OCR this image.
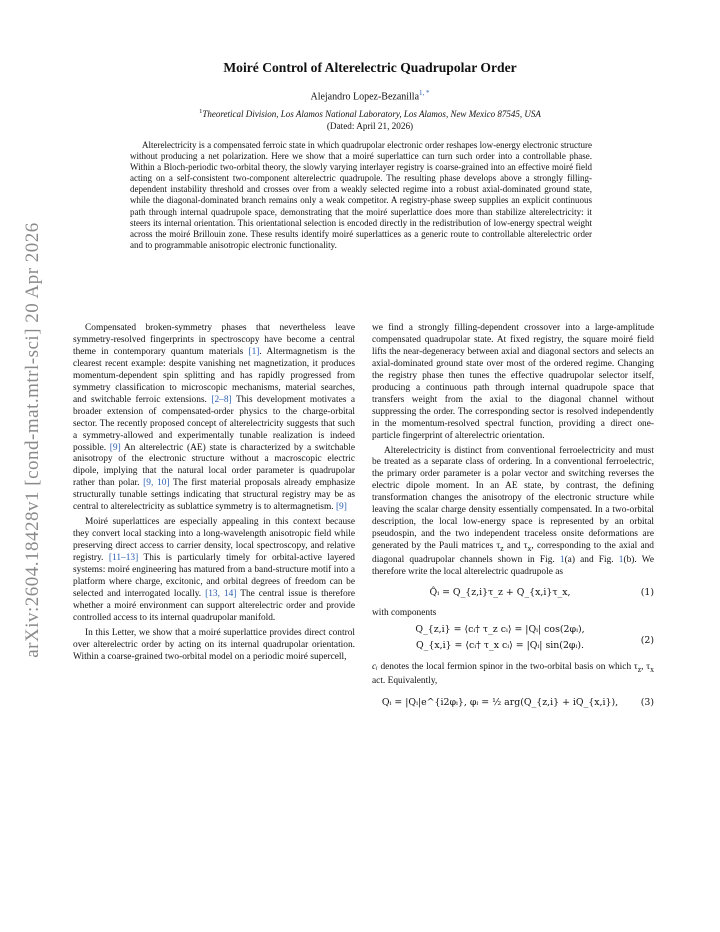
arXiv:2604.18428v1 [cond-mat.mtrl-sci] 20 Apr 2026
Moiré Control of Alterelectric Quadrupolar Order
Alejandro Lopez-Bezanilla$^{1, *}$
$^1$Theoretical Division, Los Alamos National Laboratory, Los Alamos, New Mexico 87545, USA
(Dated: April 21, 2026)

Alterelectricity is a compensated ferroic state in which quadrupolar electronic order reshapes low-energy electronic structure without producing a net polarization. Here we show that a moiré superlattice can turn such order into a controllable phase. Within a Bloch-periodic two-orbital theory, the slowly varying interlayer registry is coarse-grained into an effective moiré field acting on a self-consistent two-component alterelectric quadrupole. The resulting phase develops above a strongly filling-dependent instability threshold and crosses over from a weakly selected regime into a robust axial-dominated ground state, while the diagonal-dominated branch remains only a weak competitor. A registry-phase sweep supplies an explicit continuous path through internal quadrupole space, demonstrating that the moiré superlattice does more than stabilize alterelectricity: it steers its internal orientation. This orientational selection is encoded directly in the redistribution of low-energy spectral weight across the moiré Brillouin zone. These results identify moiré superlattices as a generic route to controllable alterelectric order and to programmable anisotropic electronic functionality.

Compensated broken-symmetry phases that nevertheless leave symmetry-resolved fingerprints in spectroscopy have become a central theme in contemporary quantum materials [1]. Altermagnetism is the clearest recent example: despite vanishing net magnetization, it produces momentum-dependent spin splitting and has rapidly progressed from symmetry classification to microscopic mechanisms, material searches, and switchable ferroic extensions. [2–8] This development motivates a broader extension of compensated-order physics to the charge-orbital sector. The recently proposed concept of alterelectricity suggests that such a symmetry-allowed and experimentally tunable realization is indeed possible. [9] An alterelectric (AE) state is characterized by a switchable anisotropy of the electronic structure without a macroscopic electric dipole, implying that the natural local order parameter is quadrupolar rather than polar. [9, 10] The first material proposals already emphasize structurally tunable settings indicating that structural registry may be as central to alterelectricity as sublattice symmetry is to altermagnetism. [9]

Moiré superlattices are especially appealing in this context because they convert local stacking into a long-wavelength anisotropic field while preserving direct access to carrier density, local spectroscopy, and relative registry. [11–13] This is particularly timely for orbital-active layered systems: moiré engineering has matured from a band-structure motif into a platform where charge, excitonic, and orbital degrees of freedom can be selected and interrogated locally. [13, 14] The central issue is therefore whether a moiré environment can support alterelectric order and provide controlled access to its internal quadrupolar manifold.

In this Letter, we show that a moiré superlattice provides direct control over alterelectric order by acting on its internal quadrupolar orientation. Within a coarse-grained two-orbital model on a periodic moiré supercell,

we find a strongly filling-dependent crossover into a large-amplitude compensated quadrupolar state. At fixed registry, the square moiré field lifts the near-degeneracy between axial and diagonal sectors and selects an axial-dominated ground state over most of the ordered regime. Changing the registry phase then tunes the effective quadrupolar selector itself, producing a continuous path through internal quadrupole space that transfers weight from the axial to the diagonal channel without suppressing the order. The corresponding sector is resolved independently in the momentum-resolved spectral function, providing a direct one-particle fingerprint of alterelectric orientation.

Alterelectricity is distinct from conventional ferroelectricity and must be treated as a separate class of ordering. In a conventional ferroelectric, the primary order parameter is a polar vector and switching reverses the electric dipole moment. In an AE state, by contrast, the defining transformation changes the anisotropy of the electronic structure while leaving the scalar charge density essentially compensated. In a two-orbital description, the local low-energy space is represented by an orbital pseudospin, and the two independent traceless onsite deformations are generated by the Pauli matrices $\tau_z$ and $\tau_x$, corresponding to the axial and diagonal quadrupolar channels shown in Fig. 1(a) and Fig. 1(b). We therefore write the local alterelectric quadrupole as

Q̂ᵢ = Q_{z,i}τ_z + Q_{x,i}τ_x,	(1)

with components

Q_{z,i} = ⟨cᵢ† τ_z cᵢ⟩ = |Qᵢ| cos(2φᵢ),
Q_{x,i} = ⟨cᵢ† τ_x cᵢ⟩ = |Qᵢ| sin(2φᵢ).	(2)

cᵢ denotes the local fermion spinor in the two-orbital basis on which $\tau_z$, $\tau_x$ act. Equivalently,

Qᵢ = |Qᵢ|e^{i2φᵢ}, φᵢ = ½ arg(Q_{z,i} + iQ_{x,i}),	(3)
